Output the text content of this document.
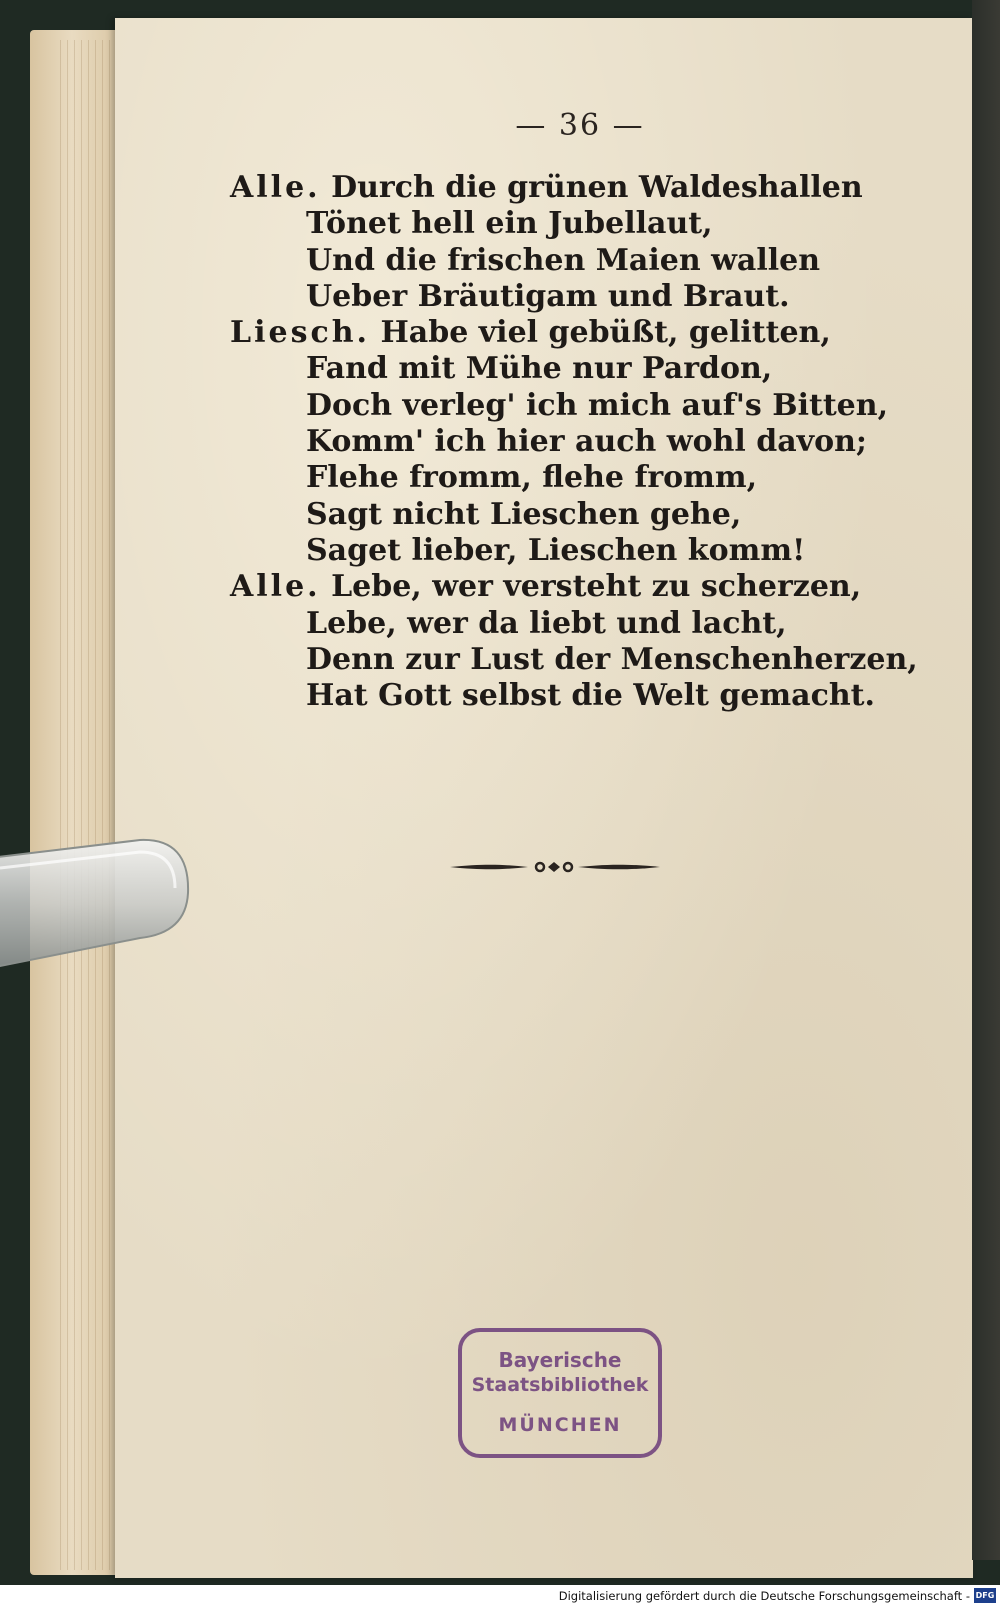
— 36 —
Alle. Durch die grünen Waldeshallen
Tönet hell ein Jubellaut,
Und die frischen Maien wallen
Ueber Bräutigam und Braut.
Liesch. Habe viel gebüßt, gelitten,
Fand mit Mühe nur Pardon,
Doch verleg' ich mich auf's Bitten,
Komm' ich hier auch wohl davon;
Flehe fromm, flehe fromm,
Sagt nicht Lieschen gehe,
Saget lieber, Lieschen komm!
Alle. Lebe, wer versteht zu scherzen,
Lebe, wer da liebt und lacht,
Denn zur Lust der Menschenherzen,
Hat Gott selbst die Welt gemacht.
Bayerische
Staatsbibliothek
MÜNCHEN
Digitalisierung gefördert durch die Deutsche Forschungsgemeinschaft - DFG
